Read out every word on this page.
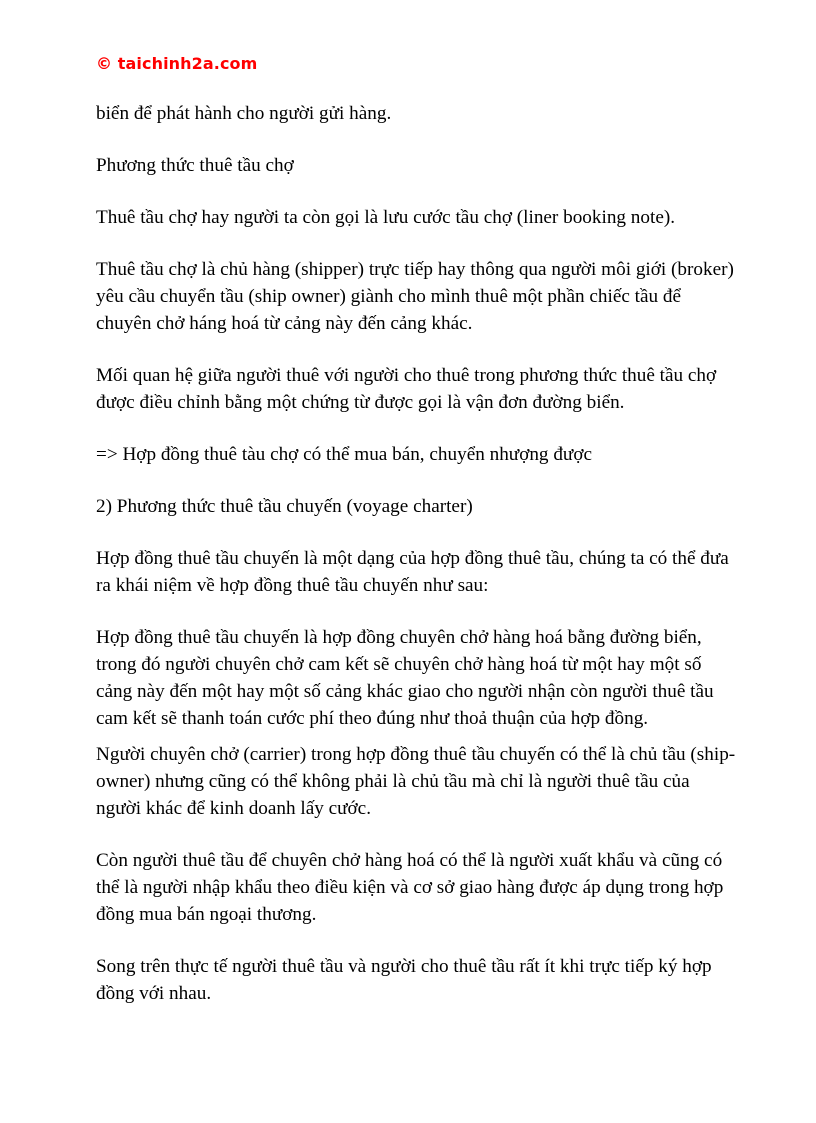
© taichinh2a.com

biển để phát hành cho người gửi hàng.

Phương thức thuê tầu chợ

Thuê tầu chợ hay người ta còn gọi là lưu cước tầu chợ (liner booking note).

Thuê tầu chợ là chủ hàng (shipper) trực tiếp hay thông qua người môi giới (broker)
yêu cầu chuyển tầu (ship owner) giành cho mình thuê một phần chiếc tầu để
chuyên chở háng hoá từ cảng này đến cảng khác.

Mối quan hệ giữa người thuê với người cho thuê trong phương thức thuê tầu chợ
được điều chỉnh bằng một chứng từ được gọi là vận đơn đường biển.

=> Hợp đồng thuê tàu chợ có thể mua bán, chuyển nhượng được

2) Phương thức thuê tầu chuyến (voyage charter)

Hợp đồng thuê tầu chuyến là một dạng của hợp đồng thuê tầu, chúng ta có thể đưa
ra khái niệm về hợp đồng thuê tầu chuyến như sau:

Hợp đồng thuê tầu chuyến là hợp đồng chuyên chở hàng hoá bằng đường biển,
trong đó người chuyên chở cam kết sẽ chuyên chở hàng hoá từ một hay một số
cảng này đến một hay một số cảng khác giao cho người nhận còn người thuê tầu
cam kết sẽ thanh toán cước phí theo đúng như thoả thuận của hợp đồng.

Người chuyên chở (carrier) trong hợp đồng thuê tầu chuyến có thể là chủ tầu (ship-
owner) nhưng cũng có thể không phải là chủ tầu mà chỉ là người thuê tầu của
người khác để kinh doanh lấy cước.

Còn người thuê tầu để chuyên chở hàng hoá có thể là người xuất khẩu và cũng có
thể là người nhập khẩu theo điều kiện và cơ sở giao hàng được áp dụng trong hợp
đồng mua bán ngoại thương.

Song trên thực tế người thuê tầu và người cho thuê tầu rất ít khi trực tiếp ký hợp
đồng với nhau.
